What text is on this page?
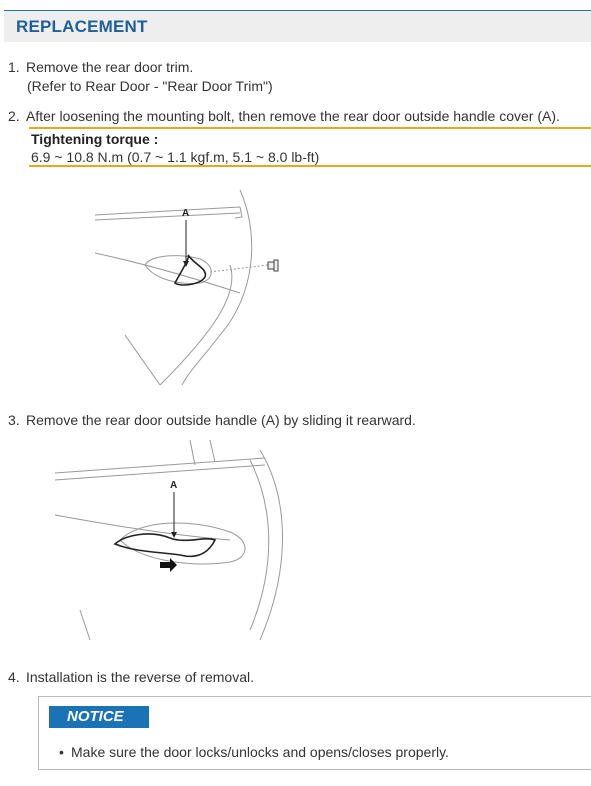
REPLACEMENT
1. Remove the rear door trim.
(Refer to Rear Door - "Rear Door Trim")
2. After loosening the mounting bolt, then remove the rear door outside handle cover (A).
Tightening torque :
6.9 ~ 10.8 N.m (0.7 ~ 1.1 kgf.m, 5.1 ~ 8.0 lb-ft)
A
3. Remove the rear door outside handle (A) by sliding it rearward.
A
4. Installation is the reverse of removal.
NOTICE
• Make sure the door locks/unlocks and opens/closes properly.
